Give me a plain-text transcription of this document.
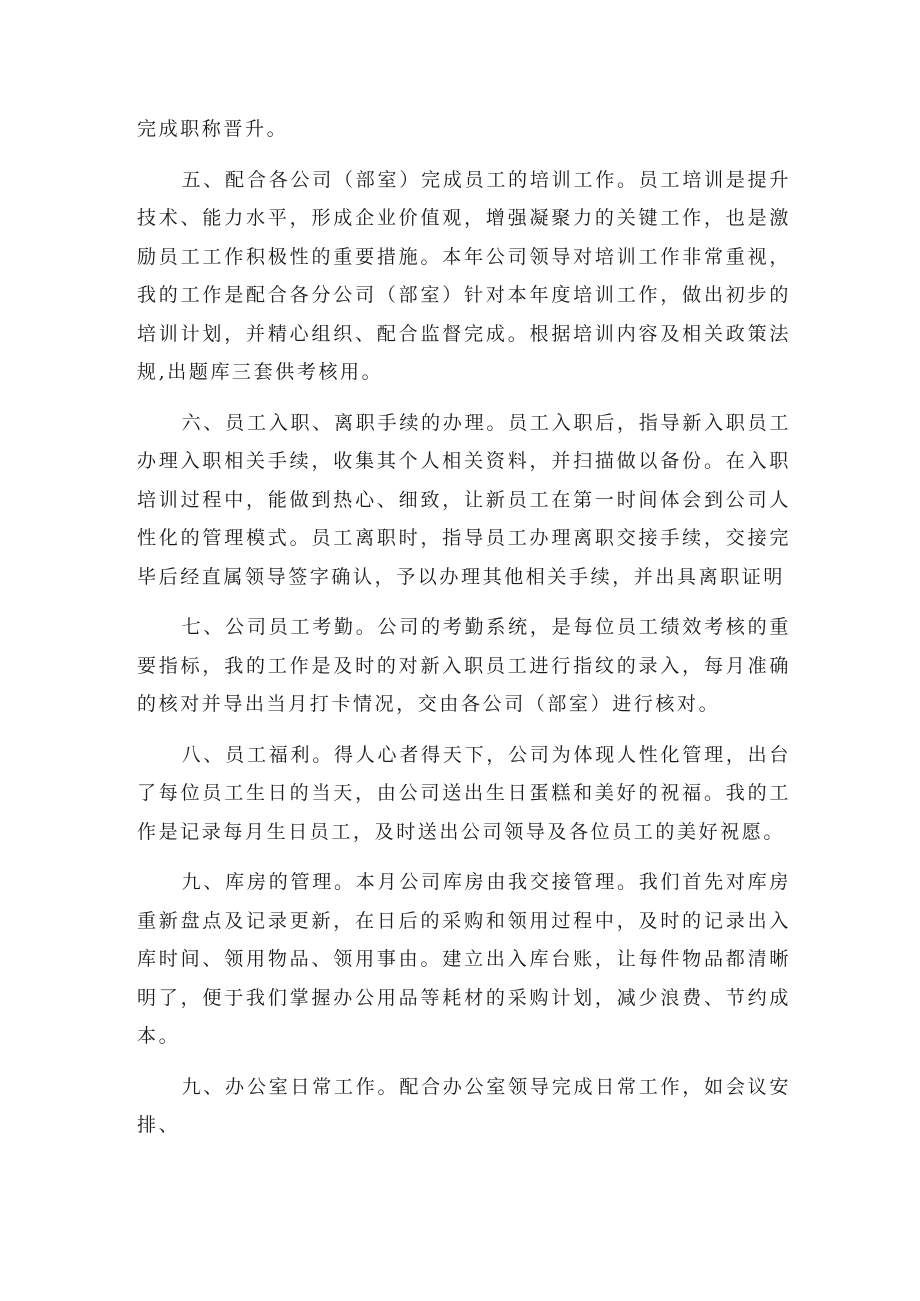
完成职称晋升。

五、配合各公司（部室）完成员工的培训工作。员工培训是提升技术、能力水平，形成企业价值观，增强凝聚力的关键工作，也是激励员工工作积极性的重要措施。本年公司领导对培训工作非常重视，我的工作是配合各分公司（部室）针对本年度培训工作，做出初步的培训计划，并精心组织、配合监督完成。根据培训内容及相关政策法规,出题库三套供考核用。

六、员工入职、离职手续的办理。员工入职后，指导新入职员工办理入职相关手续，收集其个人相关资料，并扫描做以备份。在入职培训过程中，能做到热心、细致，让新员工在第一时间体会到公司人性化的管理模式。员工离职时，指导员工办理离职交接手续，交接完毕后经直属领导签字确认，予以办理其他相关手续，并出具离职证明

七、公司员工考勤。公司的考勤系统，是每位员工绩效考核的重要指标，我的工作是及时的对新入职员工进行指纹的录入，每月准确的核对并导出当月打卡情况，交由各公司（部室）进行核对。

八、员工福利。得人心者得天下，公司为体现人性化管理，出台了每位员工生日的当天，由公司送出生日蛋糕和美好的祝福。我的工作是记录每月生日员工，及时送出公司领导及各位员工的美好祝愿。

九、库房的管理。本月公司库房由我交接管理。我们首先对库房重新盘点及记录更新，在日后的采购和领用过程中，及时的记录出入库时间、领用物品、领用事由。建立出入库台账，让每件物品都清晰明了，便于我们掌握办公用品等耗材的采购计划，减少浪费、节约成本。

九、办公室日常工作。配合办公室领导完成日常工作，如会议安排、
